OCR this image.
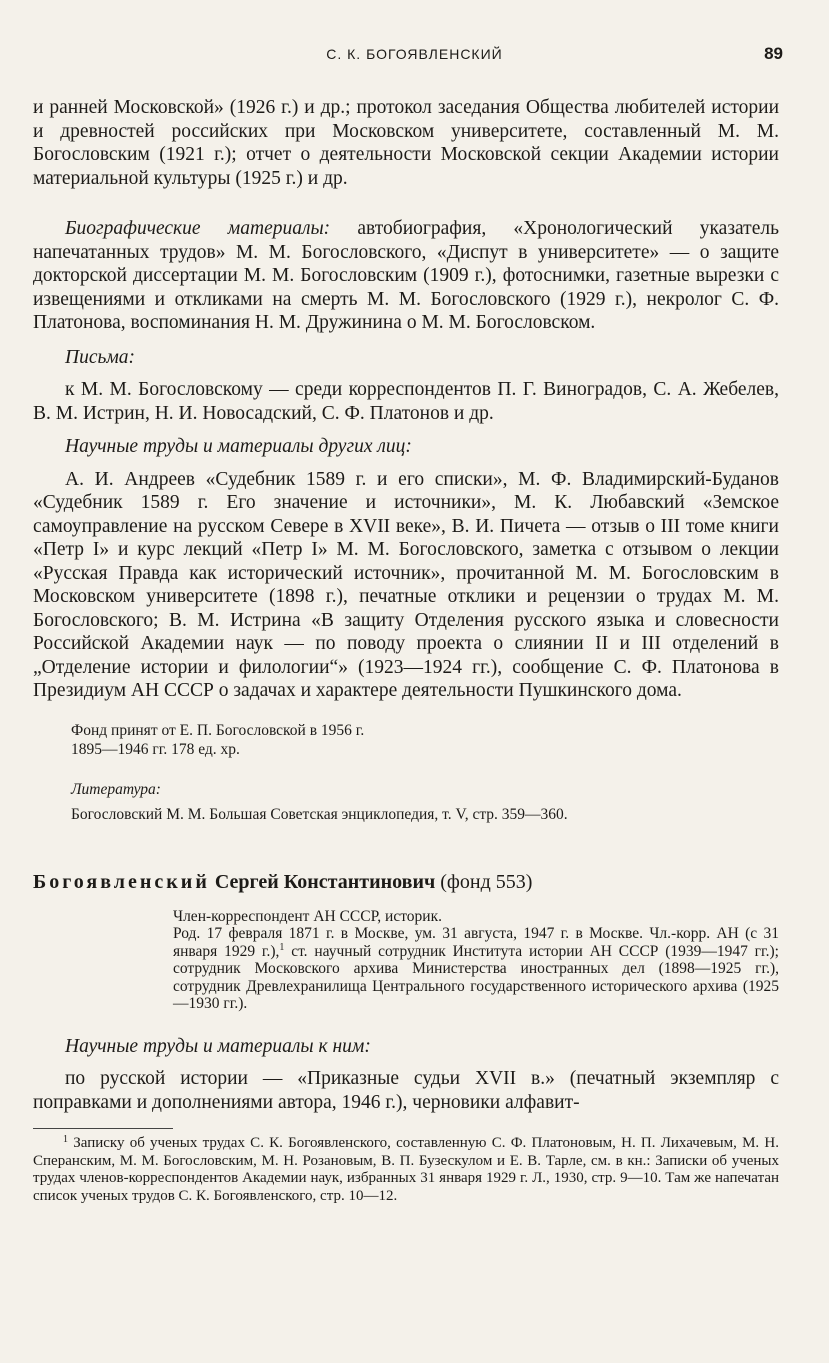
С. К. БОГОЯВЛЕНСКИЙ	89

и ранней Московской» (1926 г.) и др.; протокол заседания Общества любителей истории и древностей российских при Московском университете, составленный М. М. Богословским (1921 г.); отчет о деятельности Московской секции Академии истории материальной культуры (1925 г.) и др.

Биографические материалы: автобиография, «Хронологический указатель напечатанных трудов» М. М. Богословского, «Диспут в университете» — о защите докторской диссертации М. М. Богословским (1909 г.), фотоснимки, газетные вырезки с извещениями и откликами на смерть М. М. Богословского (1929 г.), некролог С. Ф. Платонова, воспоминания Н. М. Дружинина о М. М. Богословском.

Письма:

к М. М. Богословскому — среди корреспондентов П. Г. Виноградов, С. А. Жебелев, В. М. Истрин, Н. И. Новосадский, С. Ф. Платонов и др.

Научные труды и материалы других лиц:

А. И. Андреев «Судебник 1589 г. и его списки», М. Ф. Владимирский-Буданов «Судебник 1589 г. Его значение и источники», М. К. Любавский «Земское самоуправление на русском Севере в XVII веке», В. И. Пичета — отзыв о III томе книги «Петр I» и курс лекций «Петр I» М. М. Богословского, заметка с отзывом о лекции «Русская Правда как исторический источник», прочитанной М. М. Богословским в Московском университете (1898 г.), печатные отклики и рецензии о трудах М. М. Богословского; В. М. Истрина «В защиту Отделения русского языка и словесности Российской Академии наук — по поводу проекта о слиянии II и III отделений в „Отделение истории и филологии“» (1923—1924 гг.), сообщение С. Ф. Платонова в Президиум АН СССР о задачах и характере деятельности Пушкинского дома.

Фонд принят от Е. П. Богословской в 1956 г.

1895—1946 гг. 178 ед. хр.

Литература:

Богословский М. М. Большая Советская энциклопедия, т. V, стр. 359—360.

Богоявленский Сергей Константинович (фонд 553)

Член-корреспондент АН СССР, историк.

Род. 17 февраля 1871 г. в Москве, ум. 31 августа, 1947 г. в Москве. Чл.-корр. АН (с 31 января 1929 г.),$^1$ ст. научный сотрудник Института истории АН СССР (1939—1947 гг.); сотрудник Московского архива Министерства иностранных дел (1898—1925 гг.), сотрудник Древлехранилища Центрального государственного исторического архива (1925—1930 гг.).

Научные труды и материалы к ним:

по русской истории — «Приказные судьи XVII в.» (печатный экземпляр с поправками и дополнениями автора, 1946 г.), черновики алфавит-

$^1$ Записку об ученых трудах С. К. Богоявленского, составленную С. Ф. Платоновым, Н. П. Лихачевым, М. Н. Сперанским, М. М. Богословским, М. Н. Розановым, В. П. Бузескулом и Е. В. Тарле, см. в кн.: Записки об ученых трудах членов-корреспондентов Академии наук, избранных 31 января 1929 г. Л., 1930, стр. 9—10. Там же напечатан список ученых трудов С. К. Богоявленского, стр. 10—12.
